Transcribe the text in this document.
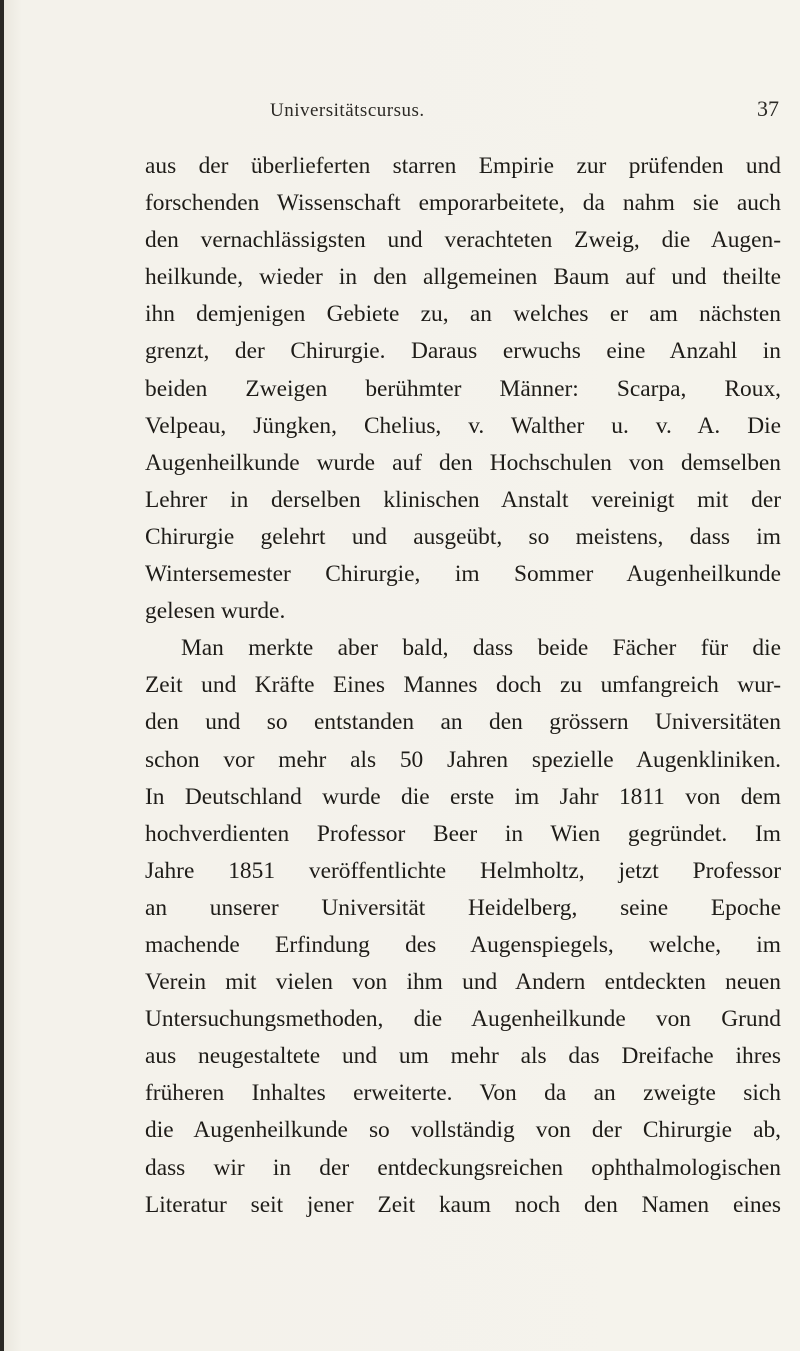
Universitätscursus.	37
aus der überlieferten starren Empirie zur prüfenden und
forschenden Wissenschaft emporarbeitete, da nahm sie auch
den vernachlässigsten und verachteten Zweig, die Augen-
heilkunde, wieder in den allgemeinen Baum auf und theilte
ihn demjenigen Gebiete zu, an welches er am nächsten
grenzt, der Chirurgie. Daraus erwuchs eine Anzahl in
beiden Zweigen berühmter Männer: Scarpa, Roux,
Velpeau, Jüngken, Chelius, v. Walther u. v. A. Die
Augenheilkunde wurde auf den Hochschulen von demselben
Lehrer in derselben klinischen Anstalt vereinigt mit der
Chirurgie gelehrt und ausgeübt, so meistens, dass im
Wintersemester Chirurgie, im Sommer Augenheilkunde
gelesen wurde.
Man merkte aber bald, dass beide Fächer für die
Zeit und Kräfte Eines Mannes doch zu umfangreich wur-
den und so entstanden an den grössern Universitäten
schon vor mehr als 50 Jahren spezielle Augenkliniken.
In Deutschland wurde die erste im Jahr 1811 von dem
hochverdienten Professor Beer in Wien gegründet. Im
Jahre 1851 veröffentlichte Helmholtz, jetzt Professor
an unserer Universität Heidelberg, seine Epoche
machende Erfindung des Augenspiegels, welche, im
Verein mit vielen von ihm und Andern entdeckten neuen
Untersuchungsmethoden, die Augenheilkunde von Grund
aus neugestaltete und um mehr als das Dreifache ihres
früheren Inhaltes erweiterte. Von da an zweigte sich
die Augenheilkunde so vollständig von der Chirurgie ab,
dass wir in der entdeckungsreichen ophthalmologischen
Literatur seit jener Zeit kaum noch den Namen eines
